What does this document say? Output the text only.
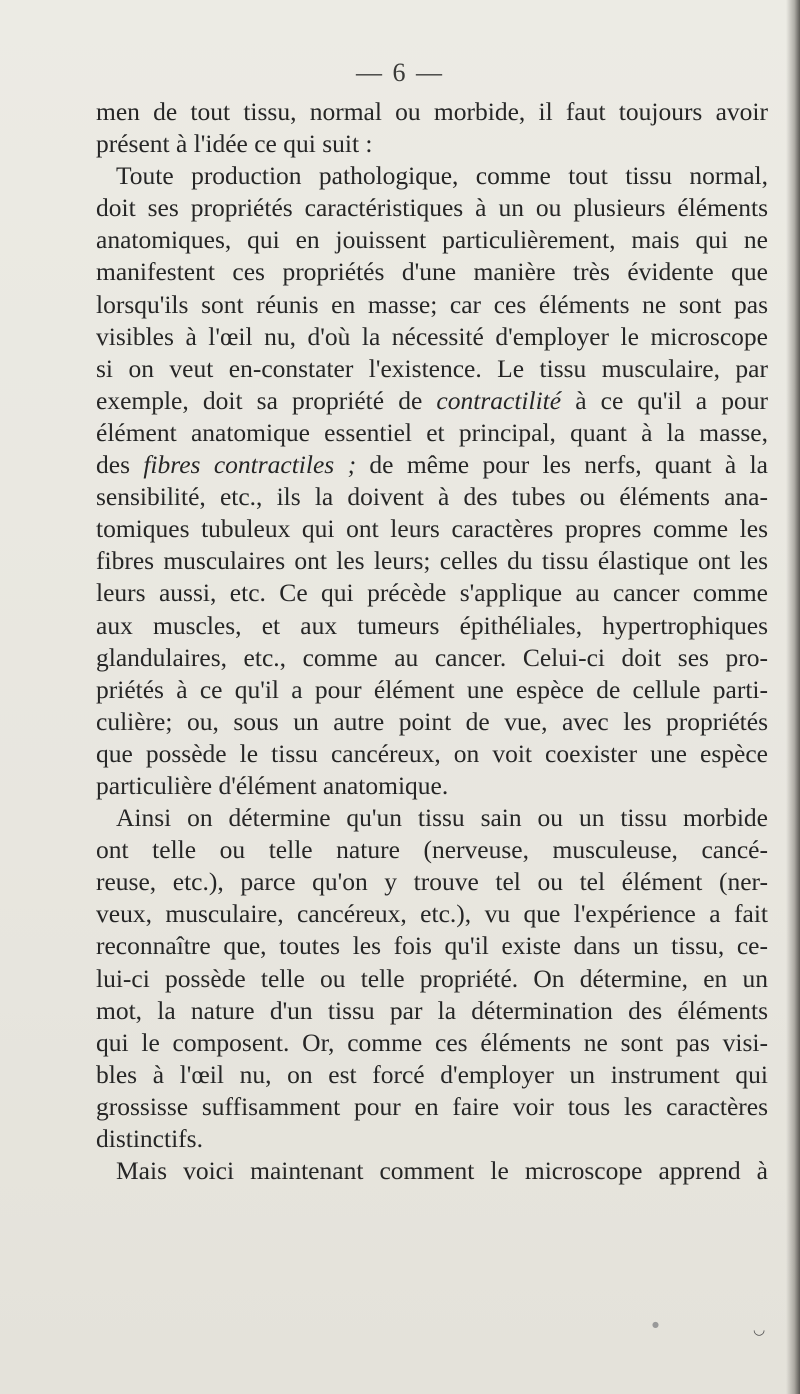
— 6 —
men de tout tissu, normal ou morbide, il faut toujours avoir
présent à l'idée ce qui suit :
Toute production pathologique, comme tout tissu normal,
doit ses propriétés caractéristiques à un ou plusieurs éléments
anatomiques, qui en jouissent particulièrement, mais qui ne
manifestent ces propriétés d'une manière très évidente que
lorsqu'ils sont réunis en masse; car ces éléments ne sont pas
visibles à l'œil nu, d'où la nécessité d'employer le microscope
si on veut en-constater l'existence. Le tissu musculaire, par
exemple, doit sa propriété de contractilité à ce qu'il a pour
élément anatomique essentiel et principal, quant à la masse,
des fibres contractiles ; de même pour les nerfs, quant à la
sensibilité, etc., ils la doivent à des tubes ou éléments ana-
tomiques tubuleux qui ont leurs caractères propres comme les
fibres musculaires ont les leurs; celles du tissu élastique ont les
leurs aussi, etc. Ce qui précède s'applique au cancer comme
aux muscles, et aux tumeurs épithéliales, hypertrophiques
glandulaires, etc., comme au cancer. Celui-ci doit ses pro-
priétés à ce qu'il a pour élément une espèce de cellule parti-
culière; ou, sous un autre point de vue, avec les propriétés
que possède le tissu cancéreux, on voit coexister une espèce
particulière d'élément anatomique.
Ainsi on détermine qu'un tissu sain ou un tissu morbide
ont telle ou telle nature (nerveuse, musculeuse, cancé-
reuse, etc.), parce qu'on y trouve tel ou tel élément (ner-
veux, musculaire, cancéreux, etc.), vu que l'expérience a fait
reconnaître que, toutes les fois qu'il existe dans un tissu, ce-
lui-ci possède telle ou telle propriété. On détermine, en un
mot, la nature d'un tissu par la détermination des éléments
qui le composent. Or, comme ces éléments ne sont pas visi-
bles à l'œil nu, on est forcé d'employer un instrument qui
grossisse suffisamment pour en faire voir tous les caractères
distinctifs.
Mais voici maintenant comment le microscope apprend à
◡
●
